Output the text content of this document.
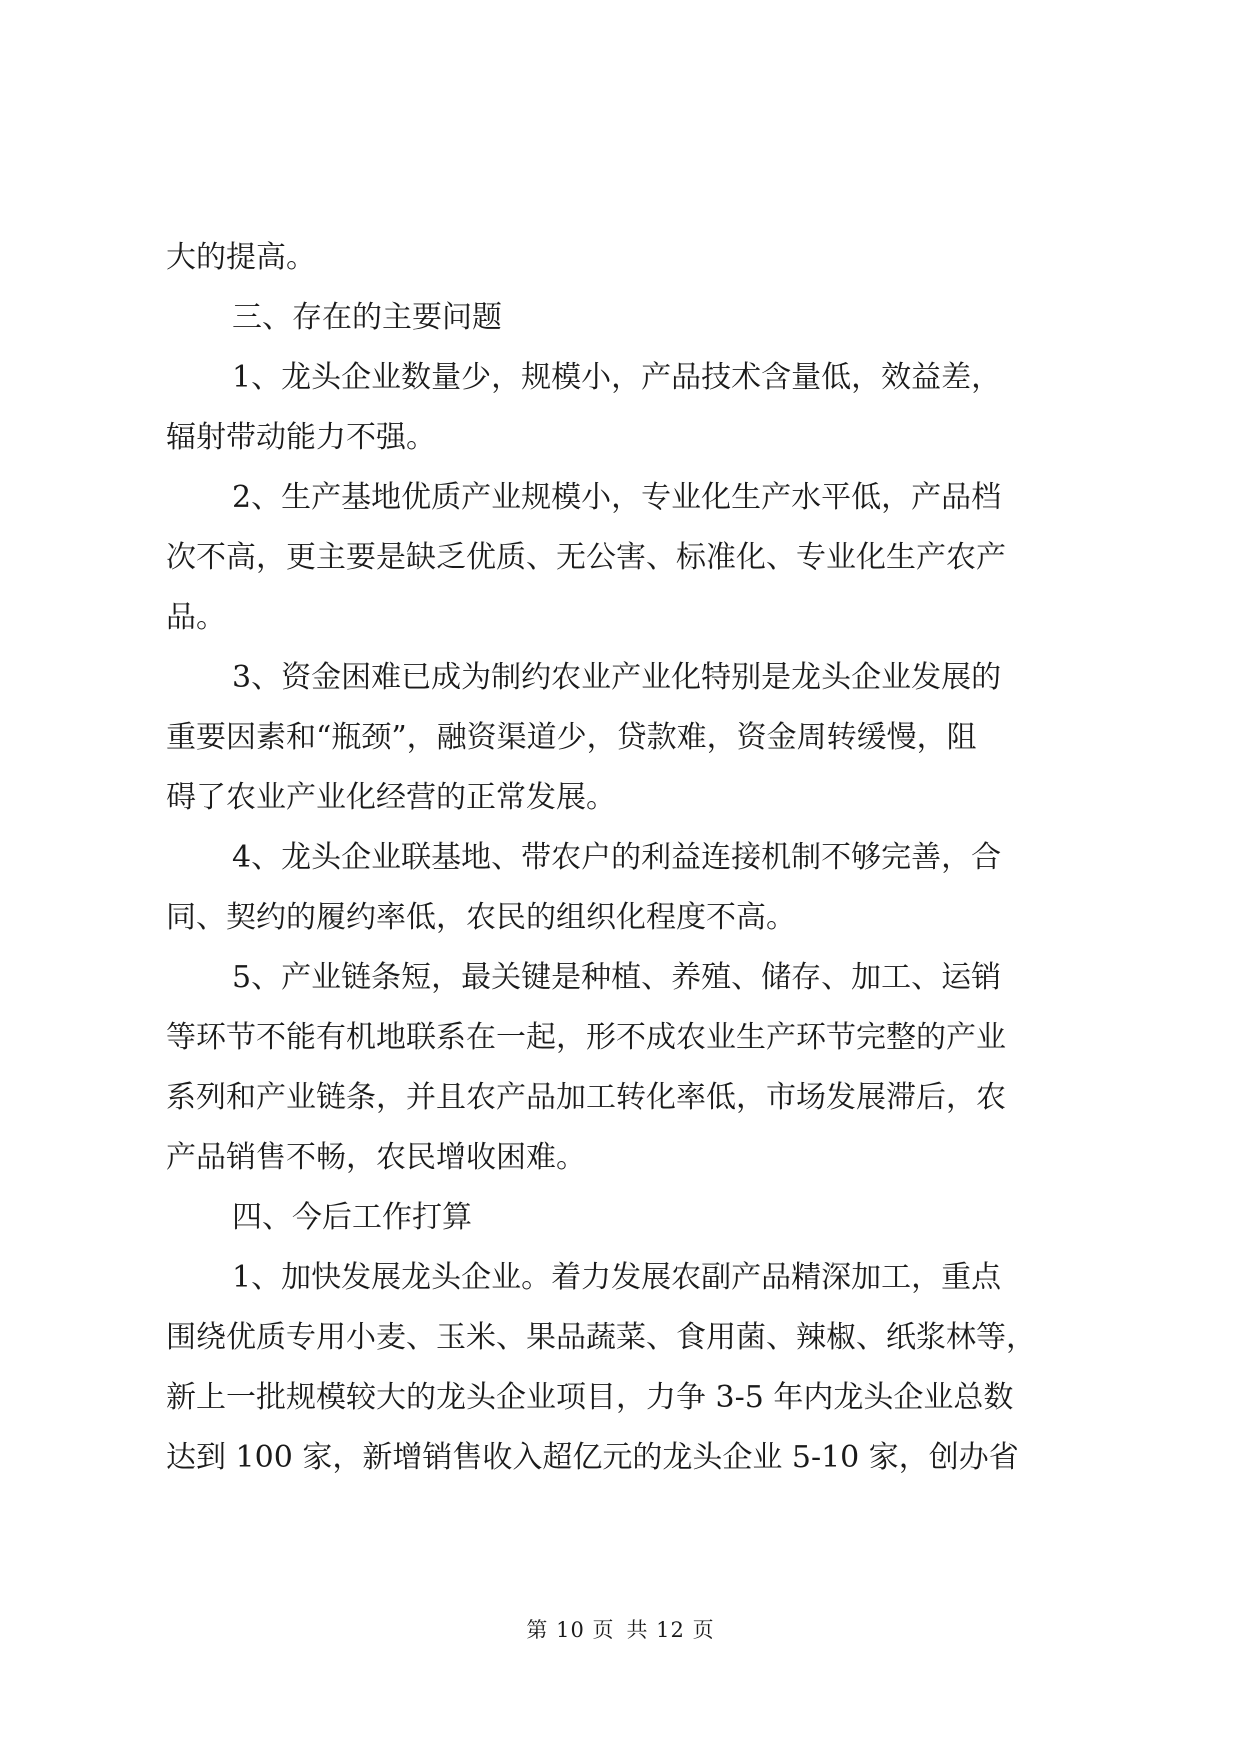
大的提高。
三、存在的主要问题
1、龙头企业数量少，规模小，产品技术含量低，效益差，
辐射带动能力不强。
2、生产基地优质产业规模小，专业化生产水平低，产品档
次不高，更主要是缺乏优质、无公害、标准化、专业化生产农产
品。
3、资金困难已成为制约农业产业化特别是龙头企业发展的
重要因素和“瓶颈”，融资渠道少，贷款难，资金周转缓慢，阻
碍了农业产业化经营的正常发展。
4、龙头企业联基地、带农户的利益连接机制不够完善，合
同、契约的履约率低，农民的组织化程度不高。
5、产业链条短，最关键是种植、养殖、储存、加工、运销
等环节不能有机地联系在一起，形不成农业生产环节完整的产业
系列和产业链条，并且农产品加工转化率低，市场发展滞后，农
产品销售不畅，农民增收困难。
四、今后工作打算
1、加快发展龙头企业。着力发展农副产品精深加工，重点
围绕优质专用小麦、玉米、果品蔬菜、食用菌、辣椒、纸浆林等，
新上一批规模较大的龙头企业项目，力争 3-5 年内龙头企业总数
达到 100 家，新增销售收入超亿元的龙头企业 5-10 家，创办省
第 10 页 共 12 页
